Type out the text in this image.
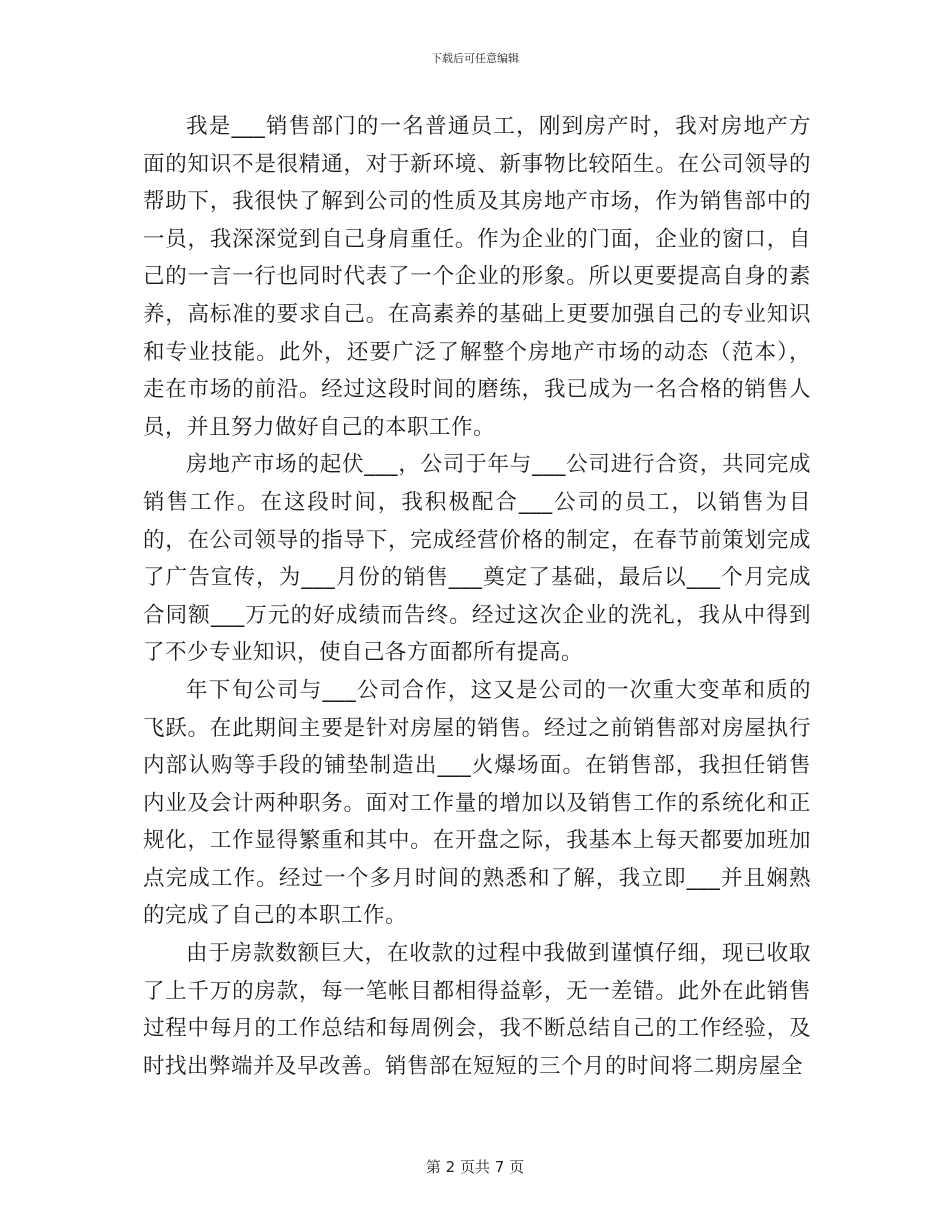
下载后可任意编辑

我是___销售部门的一名普通员工，刚到房产时，我对房地产方面的知识不是很精通，对于新环境、新事物比较陌生。在公司领导的帮助下，我很快了解到公司的性质及其房地产市场，作为销售部中的一员，我深深觉到自己身肩重任。作为企业的门面，企业的窗口，自己的一言一行也同时代表了一个企业的形象。所以更要提高自身的素养，高标准的要求自己。在高素养的基础上更要加强自己的专业知识和专业技能。此外，还要广泛了解整个房地产市场的动态（范本），走在市场的前沿。经过这段时间的磨练，我已成为一名合格的销售人员，并且努力做好自己的本职工作。

房地产市场的起伏___，公司于年与___公司进行合资，共同完成销售工作。在这段时间，我积极配合___公司的员工，以销售为目的，在公司领导的指导下，完成经营价格的制定，在春节前策划完成了广告宣传，为___月份的销售___奠定了基础，最后以___个月完成合同额___万元的好成绩而告终。经过这次企业的洗礼，我从中得到了不少专业知识，使自己各方面都所有提高。

年下旬公司与___公司合作，这又是公司的一次重大变革和质的飞跃。在此期间主要是针对房屋的销售。经过之前销售部对房屋执行内部认购等手段的铺垫制造出___火爆场面。在销售部，我担任销售内业及会计两种职务。面对工作量的增加以及销售工作的系统化和正规化，工作显得繁重和其中。在开盘之际，我基本上每天都要加班加点完成工作。经过一个多月时间的熟悉和了解，我立即___并且娴熟的完成了自己的本职工作。

由于房款数额巨大，在收款的过程中我做到谨慎仔细，现已收取了上千万的房款，每一笔帐目都相得益彰，无一差错。此外在此销售过程中每月的工作总结和每周例会，我不断总结自己的工作经验，及时找出弊端并及早改善。销售部在短短的三个月的时间将二期房屋全

第 2 页共 7 页
